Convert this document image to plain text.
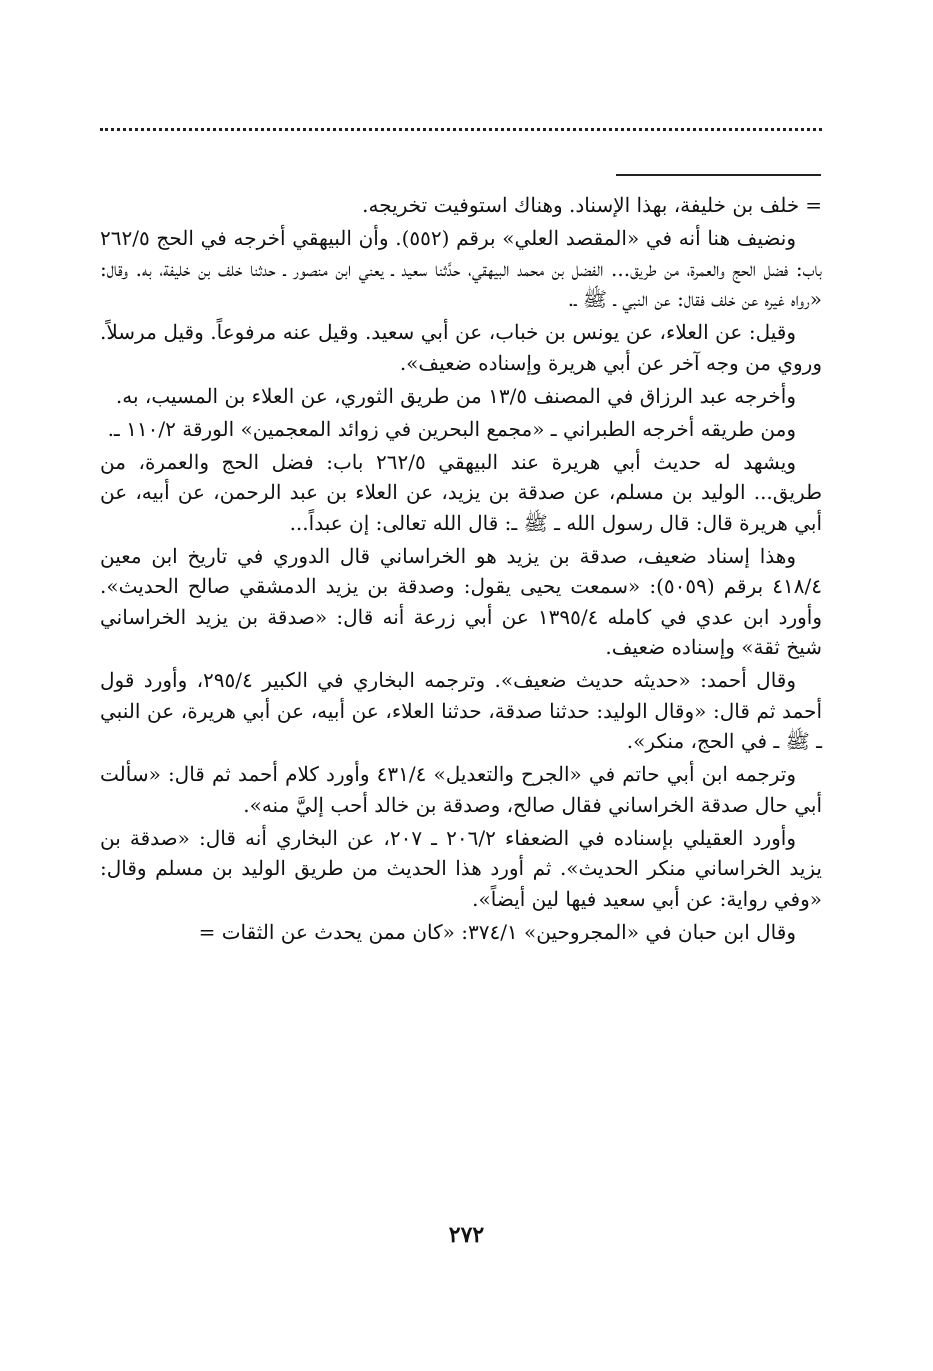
=خلف بن خليفة، بهذا الإسناد. وهناك استوفيت تخريجه.

ونضيف هنا أنه في «المقصد العلي» برقم (٥٥٢). وأن البيهقي أخرجه في الحج ٢٦٢/٥ باب: فضل الحج والعمرة، من طريق... الفضل بن محمد البيهقي، حدَّثنا سعيد ـ يعني ابن منصور ـ حدثنا خلف بن خليفة، به. وقال: «رواه غيره عن خلف فقال: عن النبي ـ ﷺ ـ.

وقيل: عن العلاء، عن يونس بن خباب، عن أبي سعيد. وقيل عنه مرفوعاً. وقيل مرسلاً. وروي من وجه آخر عن أبي هريرة وإسناده ضعيف».

وأخرجه عبد الرزاق في المصنف ١٣/٥ من طريق الثوري، عن العلاء بن المسيب، به.

ومن طريقه أخرجه الطبراني ـ «مجمع البحرين في زوائد المعجمين» الورقة ١١٠/٢ ـ.

ويشهد له حديث أبي هريرة عند البيهقي ٢٦٢/٥ باب: فضل الحج والعمرة، من طريق... الوليد بن مسلم، عن صدقة بن يزيد، عن العلاء بن عبد الرحمن، عن أبيه، عن أبي هريرة قال: قال رسول الله ـ ﷺ ـ: قال الله تعالى: إن عبداً...

وهذا إسناد ضعيف، صدقة بن يزيد هو الخراساني قال الدوري في تاريخ ابن معين ٤١٨/٤ برقم (٥٠٥٩): «سمعت يحيى يقول: وصدقة بن يزيد الدمشقي صالح الحديث». وأورد ابن عدي في كامله ١٣٩٥/٤ عن أبي زرعة أنه قال: «صدقة بن يزيد الخراساني شيخ ثقة» وإسناده ضعيف.

وقال أحمد: «حديثه حديث ضعيف». وترجمه البخاري في الكبير ٢٩٥/٤، وأورد قول أحمد ثم قال: «وقال الوليد: حدثنا صدقة، حدثنا العلاء، عن أبيه، عن أبي هريرة، عن النبي ـ ﷺ ـ في الحج، منكر».

وترجمه ابن أبي حاتم في «الجرح والتعديل» ٤٣١/٤ وأورد كلام أحمد ثم قال: «سألت أبي حال صدقة الخراساني فقال صالح، وصدقة بن خالد أحب إليَّ منه».

وأورد العقيلي بإسناده في الضعفاء ٢٠٦/٢ ـ ٢٠٧، عن البخاري أنه قال: «صدقة بن يزيد الخراساني منكر الحديث». ثم أورد هذا الحديث من طريق الوليد بن مسلم وقال: «وفي رواية: عن أبي سعيد فيها لين أيضاً».

وقال ابن حبان في «المجروحين» ٣٧٤/١: «كان ممن يحدث عن الثقات =

٢٧٢
